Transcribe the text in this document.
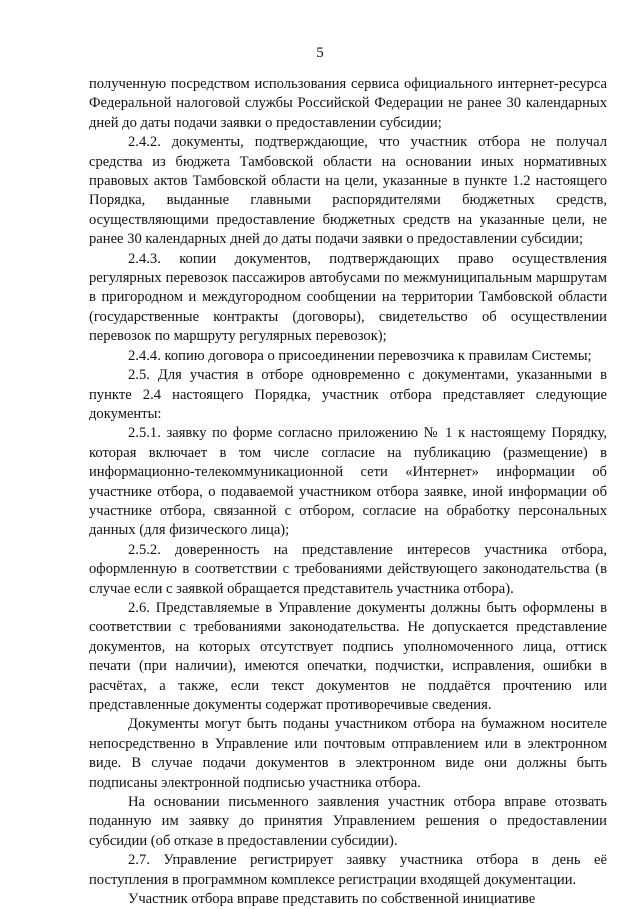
5

полученную посредством использования сервиса официального интернет-ресурса Федеральной налоговой службы Российской Федерации не ранее 30 календарных дней до даты подачи заявки о предоставлении субсидии;

2.4.2. документы, подтверждающие, что участник отбора не получал средства из бюджета Тамбовской области на основании иных нормативных правовых актов Тамбовской области на цели, указанные в пункте 1.2 настоящего Порядка, выданные главными распорядителями бюджетных средств, осуществляющими предоставление бюджетных средств на указанные цели, не ранее 30 календарных дней до даты подачи заявки о предоставлении субсидии;

2.4.3. копии документов, подтверждающих право осуществления регулярных перевозок пассажиров автобусами по межмуниципальным маршрутам в пригородном и междугородном сообщении на территории Тамбовской области (государственные контракты (договоры), свидетельство об осуществлении перевозок по маршруту регулярных перевозок);

2.4.4. копию договора о присоединении перевозчика к правилам Системы;

2.5. Для участия в отборе одновременно с документами, указанными в пункте 2.4 настоящего Порядка, участник отбора представляет следующие документы:

2.5.1. заявку по форме согласно приложению № 1 к настоящему Порядку, которая включает в том числе согласие на публикацию (размещение) в информационно-телекоммуникационной сети «Интернет» информации об участнике отбора, о подаваемой участником отбора заявке, иной информации об участнике отбора, связанной с отбором, согласие на обработку персональных данных (для физического лица);

2.5.2. доверенность на представление интересов участника отбора, оформленную в соответствии с требованиями действующего законодательства (в случае если с заявкой обращается представитель участника отбора).

2.6. Представляемые в Управление документы должны быть оформлены в соответствии с требованиями законодательства. Не допускается представление документов, на которых отсутствует подпись уполномоченного лица, оттиск печати (при наличии), имеются опечатки, подчистки, исправления, ошибки в расчётах, а также, если текст документов не поддаётся прочтению или представленные документы содержат противоречивые сведения.

Документы могут быть поданы участником отбора на бумажном носителе непосредственно в Управление или почтовым отправлением или в электронном виде. В случае подачи документов в электронном виде они должны быть подписаны электронной подписью участника отбора.

На основании письменного заявления участник отбора вправе отозвать поданную им заявку до принятия Управлением решения о предоставлении субсидии (об отказе в предоставлении субсидии).

2.7. Управление регистрирует заявку участника отбора в день её поступления в программном комплексе регистрации входящей документации.

Участник отбора вправе представить по собственной инициативе
